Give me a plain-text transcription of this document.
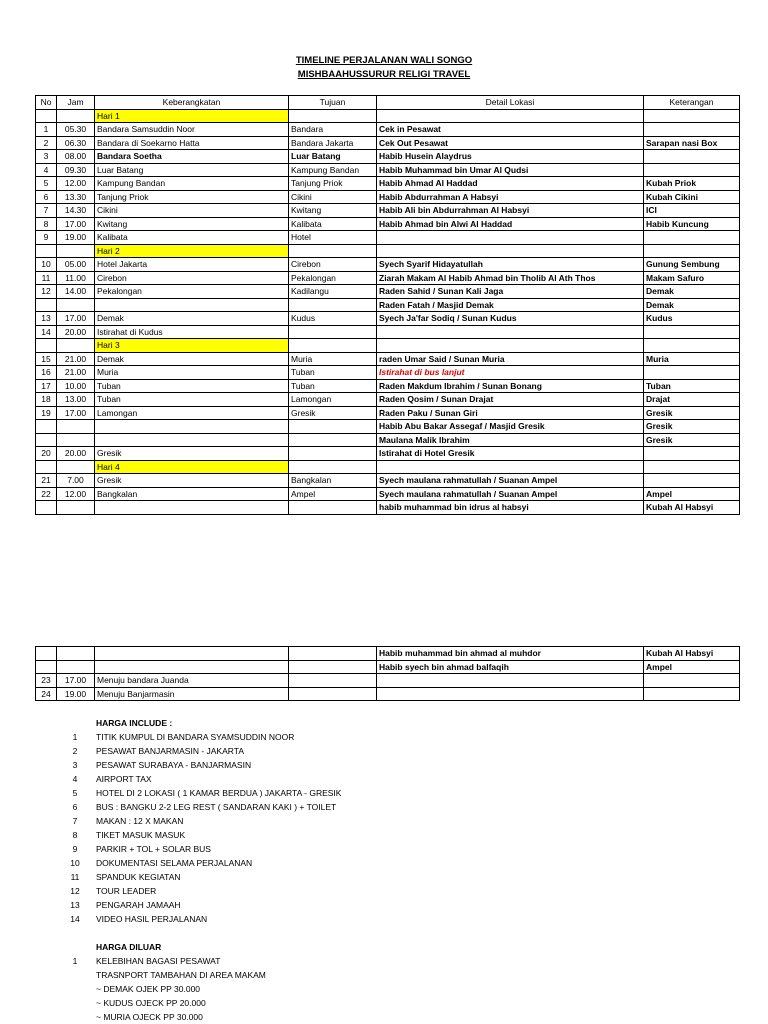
TIMELINE PERJALANAN WALI SONGO
MISHBAAHUSSURUR RELIGI TRAVEL
No	Jam	Keberangkatan	Tujuan	Detail Lokasi	Keterangan
		Hari 1			
1	05.30	Bandara Samsuddin Noor	Bandara	Cek in Pesawat	
2	06.30	Bandara di Soekarno Hatta	Bandara Jakarta	Cek Out Pesawat	Sarapan nasi Box
3	08.00	Bandara Soetha	Luar Batang	Habib Husein Alaydrus	
4	09.30	Luar Batang	Kampung Bandan	Habib Muhammad bin Umar Al Qudsi	
5	12.00	Kampung Bandan	Tanjung Priok	Habib Ahmad Al Haddad	Kubah Priok
6	13.30	Tanjung Priok	Cikini	Habib Abdurrahman A Habsyi	Kubah Cikini
7	14.30	Cikini	Kwitang	Habib Ali bin Abdurrahman Al Habsyi	ICI
8	17.00	Kwitang	Kalibata	Habib Ahmad bin Alwi Al Haddad	Habib Kuncung
9	19.00	Kalibata	Hotel		
		Hari 2			
10	05.00	Hotel Jakarta	Cirebon	Syech Syarif Hidayatullah	Gunung Sembung
11	11.00	Cirebon	Pekalongan	Ziarah Makam Al Habib Ahmad bin Tholib Al Ath Thos	Makam Safuro
12	14.00	Pekalongan	Kadilangu	Raden Sahid / Sunan Kali Jaga	Demak
				Raden Fatah / Masjid Demak	Demak
13	17.00	Demak	Kudus	Syech Ja'far Sodiq / Sunan Kudus	Kudus
14	20.00	Istirahat di Kudus			
		Hari 3			
15	21.00	Demak	Muria	raden Umar Said / Sunan Muria	Muria
16	21.00	Muria	Tuban	Istirahat di bus lanjut	
17	10.00	Tuban	Tuban	Raden Makdum Ibrahim / Sunan Bonang	Tuban
18	13.00	Tuban	Lamongan	Raden Qosim / Sunan Drajat	Drajat
19	17.00	Lamongan	Gresik	Raden Paku / Sunan Giri	Gresik
				Habib Abu Bakar Assegaf / Masjid Gresik	Gresik
				Maulana Malik Ibrahim	Gresik
20	20.00	Gresik		Istirahat di Hotel Gresik	
		Hari 4			
21	7.00	Gresik	Bangkalan	Syech maulana rahmatullah / Suanan Ampel	
22	12.00	Bangkalan	Ampel	Syech maulana rahmatullah / Suanan Ampel	Ampel
				habib muhammad bin idrus al habsyi	Kubah Al Habsyi
				Habib muhammad bin ahmad al muhdor	Kubah Al Habsyi
				Habib syech bin ahmad balfaqih	Ampel
23	17.00	Menuju bandara Juanda			
24	19.00	Menuju Banjarmasin			
HARGA INCLUDE :
1	TITIK KUMPUL DI BANDARA SYAMSUDDIN NOOR
2	PESAWAT BANJARMASIN - JAKARTA
3	PESAWAT SURABAYA - BANJARMASIN
4	AIRPORT TAX
5	HOTEL DI 2 LOKASI ( 1 KAMAR BERDUA ) JAKARTA - GRESIK
6	BUS : BANGKU 2-2 LEG REST ( SANDARAN KAKI ) + TOILET
7	MAKAN : 12 X MAKAN
8	TIKET MASUK MASUK
9	PARKIR + TOL + SOLAR BUS
10	DOKUMENTASI SELAMA PERJALANAN
11	SPANDUK KEGIATAN
12	TOUR LEADER
13	PENGARAH JAMAAH
14	VIDEO HASIL PERJALANAN
HARGA DILUAR
1	KELEBIHAN BAGASI PESAWAT
TRASNPORT TAMBAHAN DI AREA MAKAM
~ DEMAK OJEK PP 30.000
~ KUDUS OJECK PP 20.000
~ MURIA OJECK PP 30.000
